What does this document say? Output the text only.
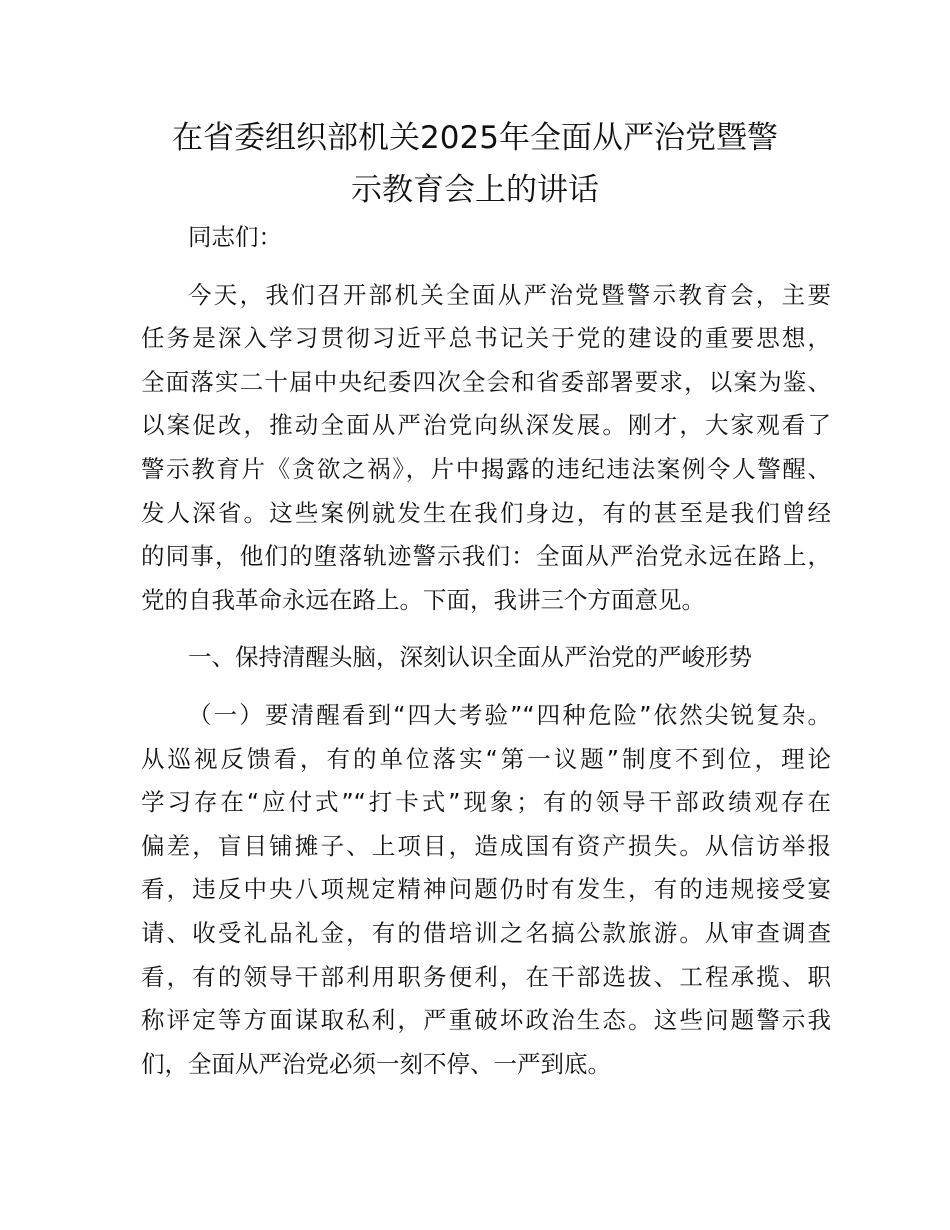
在省委组织部机关2025年全面从严治党暨警
示教育会上的讲话
同志们：
今天，我们召开部机关全面从严治党暨警示教育会，主要
任务是深入学习贯彻习近平总书记关于党的建设的重要思想，
全面落实二十届中央纪委四次全会和省委部署要求，以案为鉴、
以案促改，推动全面从严治党向纵深发展。刚才，大家观看了
警示教育片《贪欲之祸》，片中揭露的违纪违法案例令人警醒、
发人深省。这些案例就发生在我们身边，有的甚至是我们曾经
的同事，他们的堕落轨迹警示我们：全面从严治党永远在路上，
党的自我革命永远在路上。下面，我讲三个方面意见。
一、保持清醒头脑，深刻认识全面从严治党的严峻形势
（一）要清醒看到“四大考验”“四种危险”依然尖锐复杂。
从巡视反馈看，有的单位落实“第一议题”制度不到位，理论
学习存在“应付式”“打卡式”现象；有的领导干部政绩观存在
偏差，盲目铺摊子、上项目，造成国有资产损失。从信访举报
看，违反中央八项规定精神问题仍时有发生，有的违规接受宴
请、收受礼品礼金，有的借培训之名搞公款旅游。从审查调查
看，有的领导干部利用职务便利，在干部选拔、工程承揽、职
称评定等方面谋取私利，严重破坏政治生态。这些问题警示我
们，全面从严治党必须一刻不停、一严到底。
